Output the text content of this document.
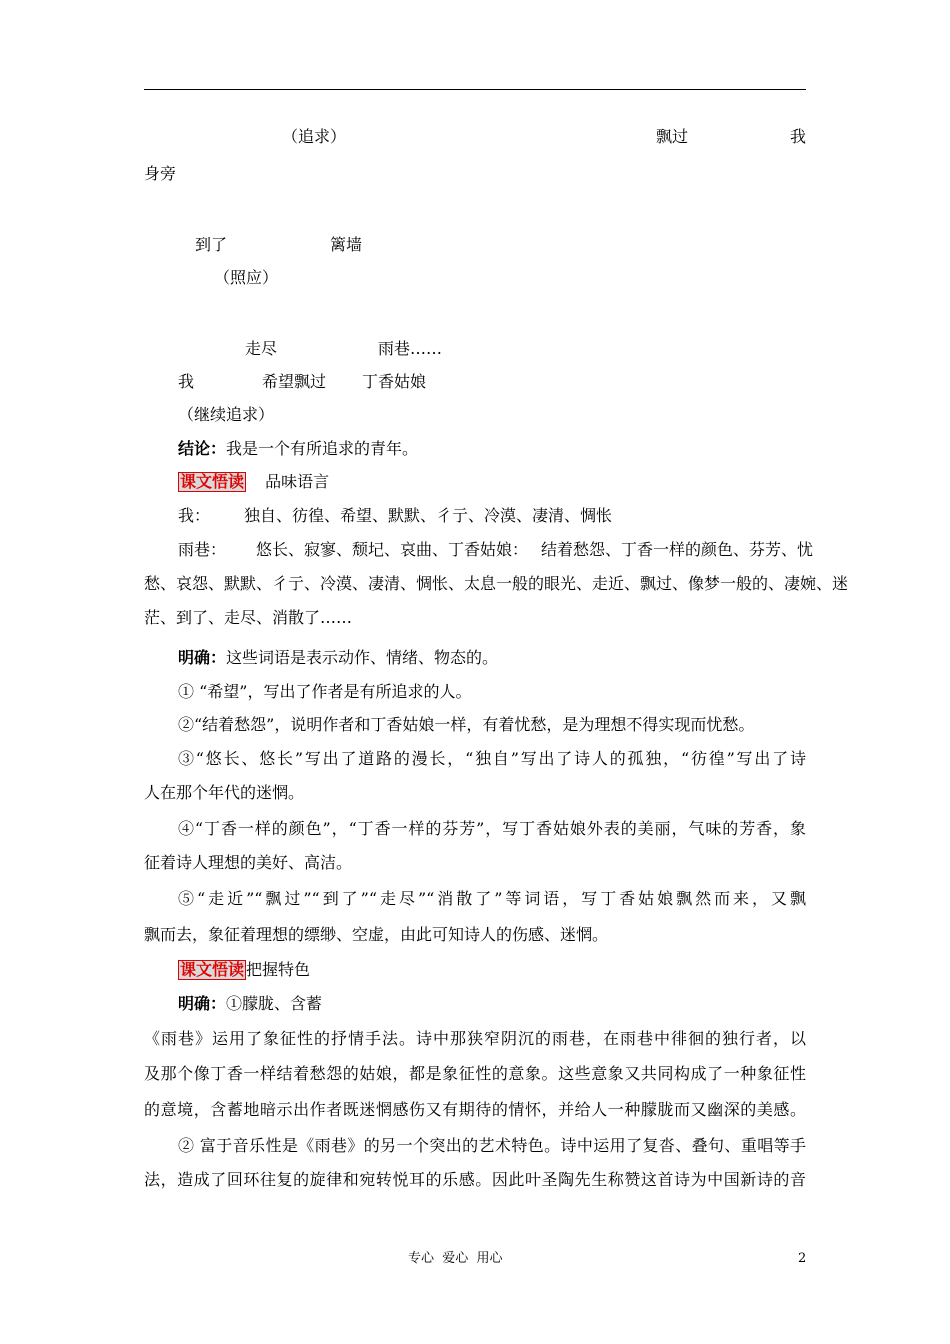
（追求）	飘过	我
身旁
到了	篱墙
（照应）
走尽	雨巷……
我	希望飘过 丁香姑娘
（继续追求）
结论：我是一个有所追求的青年。
课文悟读 品味语言
我： 独自、彷徨、希望、默默、彳亍、冷漠、凄清、惆怅
雨巷： 悠长、寂寥、颓圮、哀曲、丁香姑娘： 结着愁怨、丁香一样的颜色、芬芳、忧
愁、哀怨、默默、彳亍、冷漠、凄清、惆怅、太息一般的眼光、走近、飘过、像梦一般的、凄婉、迷
茫、到了、走尽、消散了……
明确：这些词语是表示动作、情绪、物态的。
① “希望”，写出了作者是有所追求的人。
②“结着愁怨”，说明作者和丁香姑娘一样，有着忧愁，是为理想不得实现而忧愁。
③“悠长、悠长”写出了道路的漫长，“独自”写出了诗人的孤独，“彷徨”写出了诗
人在那个年代的迷惘。
④“丁香一样的颜色”，“丁香一样的芬芳”，写丁香姑娘外表的美丽，气味的芳香，象
征着诗人理想的美好、高洁。
⑤“走近”“飘过”“到了”“走尽”“消散了”等词语，写丁香姑娘飘然而来，又飘
飘而去，象征着理想的缥缈、空虚，由此可知诗人的伤感、迷惘。
课文悟读 把握特色
明确：①朦胧、含蓄
《雨巷》运用了象征性的抒情手法。诗中那狭窄阴沉的雨巷，在雨巷中徘徊的独行者，以
及那个像丁香一样结着愁怨的姑娘，都是象征性的意象。这些意象又共同构成了一种象征性
的意境，含蓄地暗示出作者既迷惘感伤又有期待的情怀，并给人一种朦胧而又幽深的美感。
② 富于音乐性是《雨巷》的另一个突出的艺术特色。诗中运用了复沓、叠句、重唱等手
法，造成了回环往复的旋律和宛转悦耳的乐感。因此叶圣陶先生称赞这首诗为中国新诗的音
专心  爱心  用心	2
